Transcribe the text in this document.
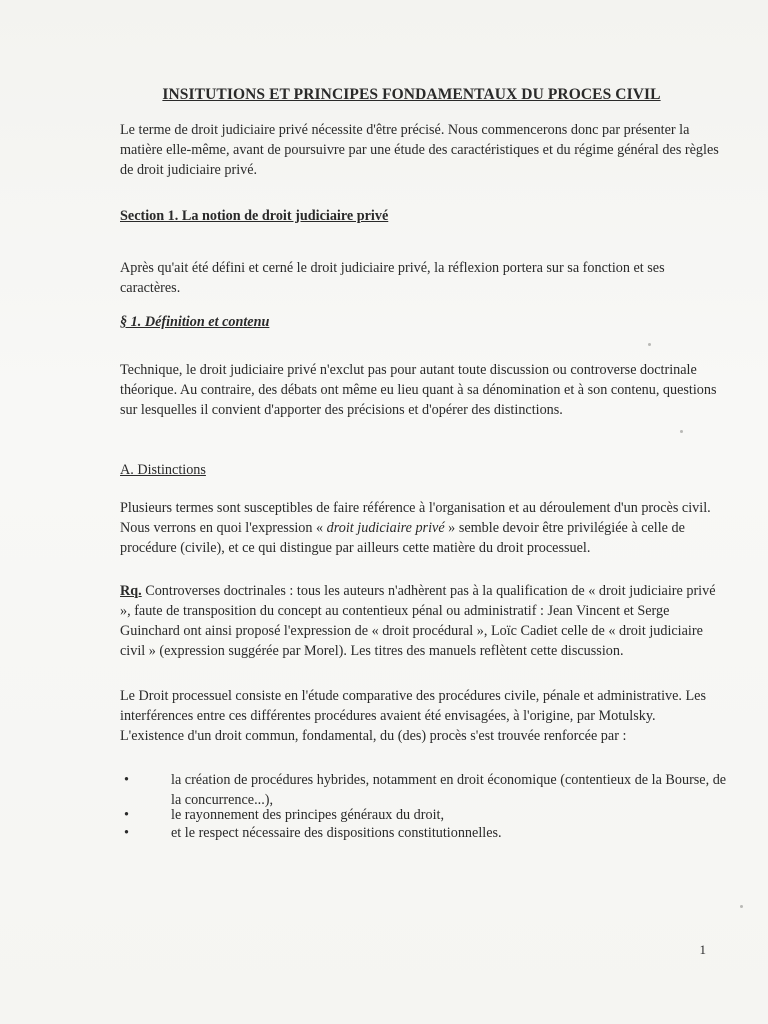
INSITUTIONS ET PRINCIPES FONDAMENTAUX DU PROCES CIVIL
Le terme de droit judiciaire privé nécessite d'être précisé. Nous commencerons donc par présenter la matière elle-même, avant de poursuivre par une étude des caractéristiques et du régime général des règles de droit judiciaire privé.
Section 1. La notion de droit judiciaire privé
Après qu'ait été défini et cerné le droit judiciaire privé, la réflexion portera sur sa fonction et ses caractères.
§ 1. Définition et contenu
Technique, le droit judiciaire privé n'exclut pas pour autant toute discussion ou controverse doctrinale théorique. Au contraire, des débats ont même eu lieu quant à sa dénomination et à son contenu, questions sur lesquelles il convient d'apporter des précisions et d'opérer des distinctions.
A. Distinctions
Plusieurs termes sont susceptibles de faire référence à l'organisation et au déroulement d'un procès civil. Nous verrons en quoi l'expression « droit judiciaire privé » semble devoir être privilégiée à celle de procédure (civile), et ce qui distingue par ailleurs cette matière du droit processuel.
Rq. Controverses doctrinales : tous les auteurs n'adhèrent pas à la qualification de « droit judiciaire privé », faute de transposition du concept au contentieux pénal ou administratif : Jean Vincent et Serge Guinchard ont ainsi proposé l'expression de « droit procédural », Loïc Cadiet celle de « droit judiciaire civil » (expression suggérée par Morel). Les titres des manuels reflètent cette discussion.
Le Droit processuel consiste en l'étude comparative des procédures civile, pénale et administrative. Les interférences entre ces différentes procédures avaient été envisagées, à l'origine, par Motulsky. L'existence d'un droit commun, fondamental, du (des) procès s'est trouvée renforcée par :
•	la création de procédures hybrides, notamment en droit économique (contentieux de la Bourse, de la concurrence...),
•	le rayonnement des principes généraux du droit,
•	et le respect nécessaire des dispositions constitutionnelles.
1
